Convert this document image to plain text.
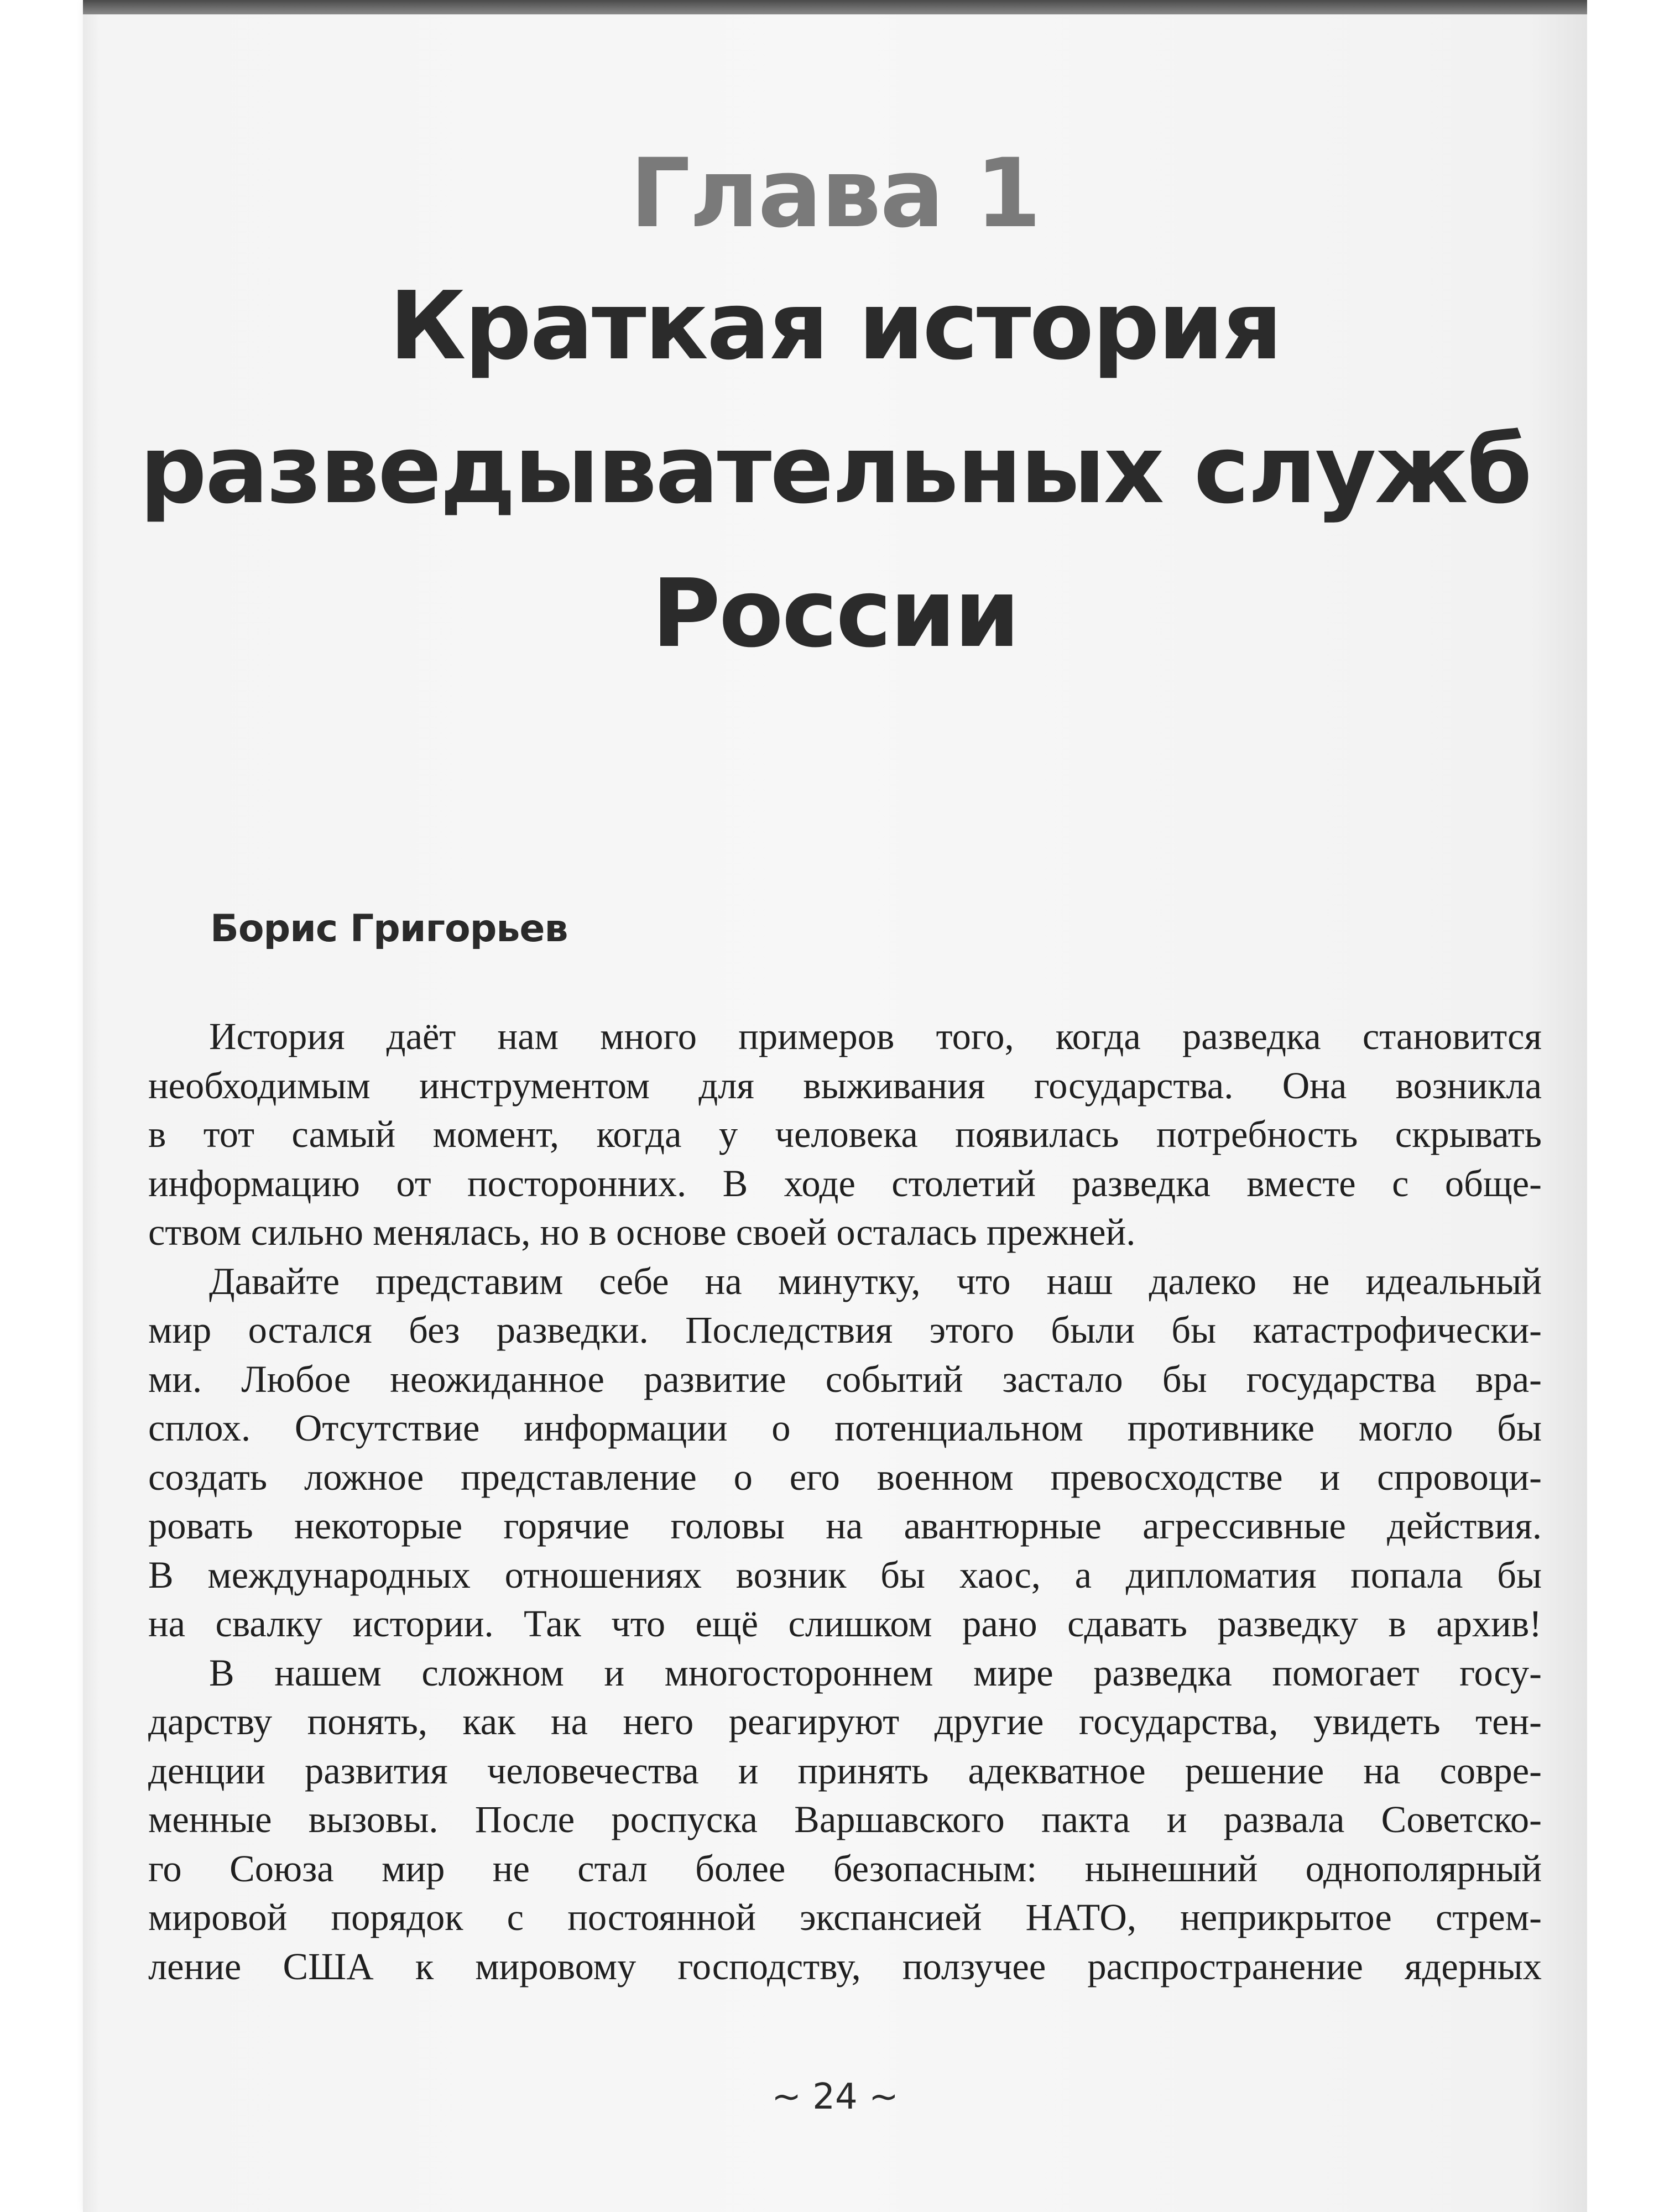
Глава 1
Краткая история
разведывательных служб
России
Борис Григорьев
История даёт нам много примеров того, когда разведка становится
необходимым инструментом для выживания государства. Она возникла
в тот самый момент, когда у человека появилась потребность скрывать
информацию от посторонних. В ходе столетий разведка вместе с обще-
ством сильно менялась, но в основе своей осталась прежней.
Давайте представим себе на минутку, что наш далеко не идеальный
мир остался без разведки. Последствия этого были бы катастрофически-
ми. Любое неожиданное развитие событий застало бы государства вра-
сплох. Отсутствие информации о потенциальном противнике могло бы
создать ложное представление о его военном превосходстве и спровоци-
ровать некоторые горячие головы на авантюрные агрессивные действия.
В международных отношениях возник бы хаос, а дипломатия попала бы
на свалку истории. Так что ещё слишком рано сдавать разведку в архив!
В нашем сложном и многостороннем мире разведка помогает госу-
дарству понять, как на него реагируют другие государства, увидеть тен-
денции развития человечества и принять адекватное решение на совре-
менные вызовы. После роспуска Варшавского пакта и развала Советско-
го Союза мир не стал более безопасным: нынешний однополярный
мировой порядок с постоянной экспансией НАТО, неприкрытое стрем-
ление США к мировому господству, ползучее распространение ядерных
~ 24 ~
